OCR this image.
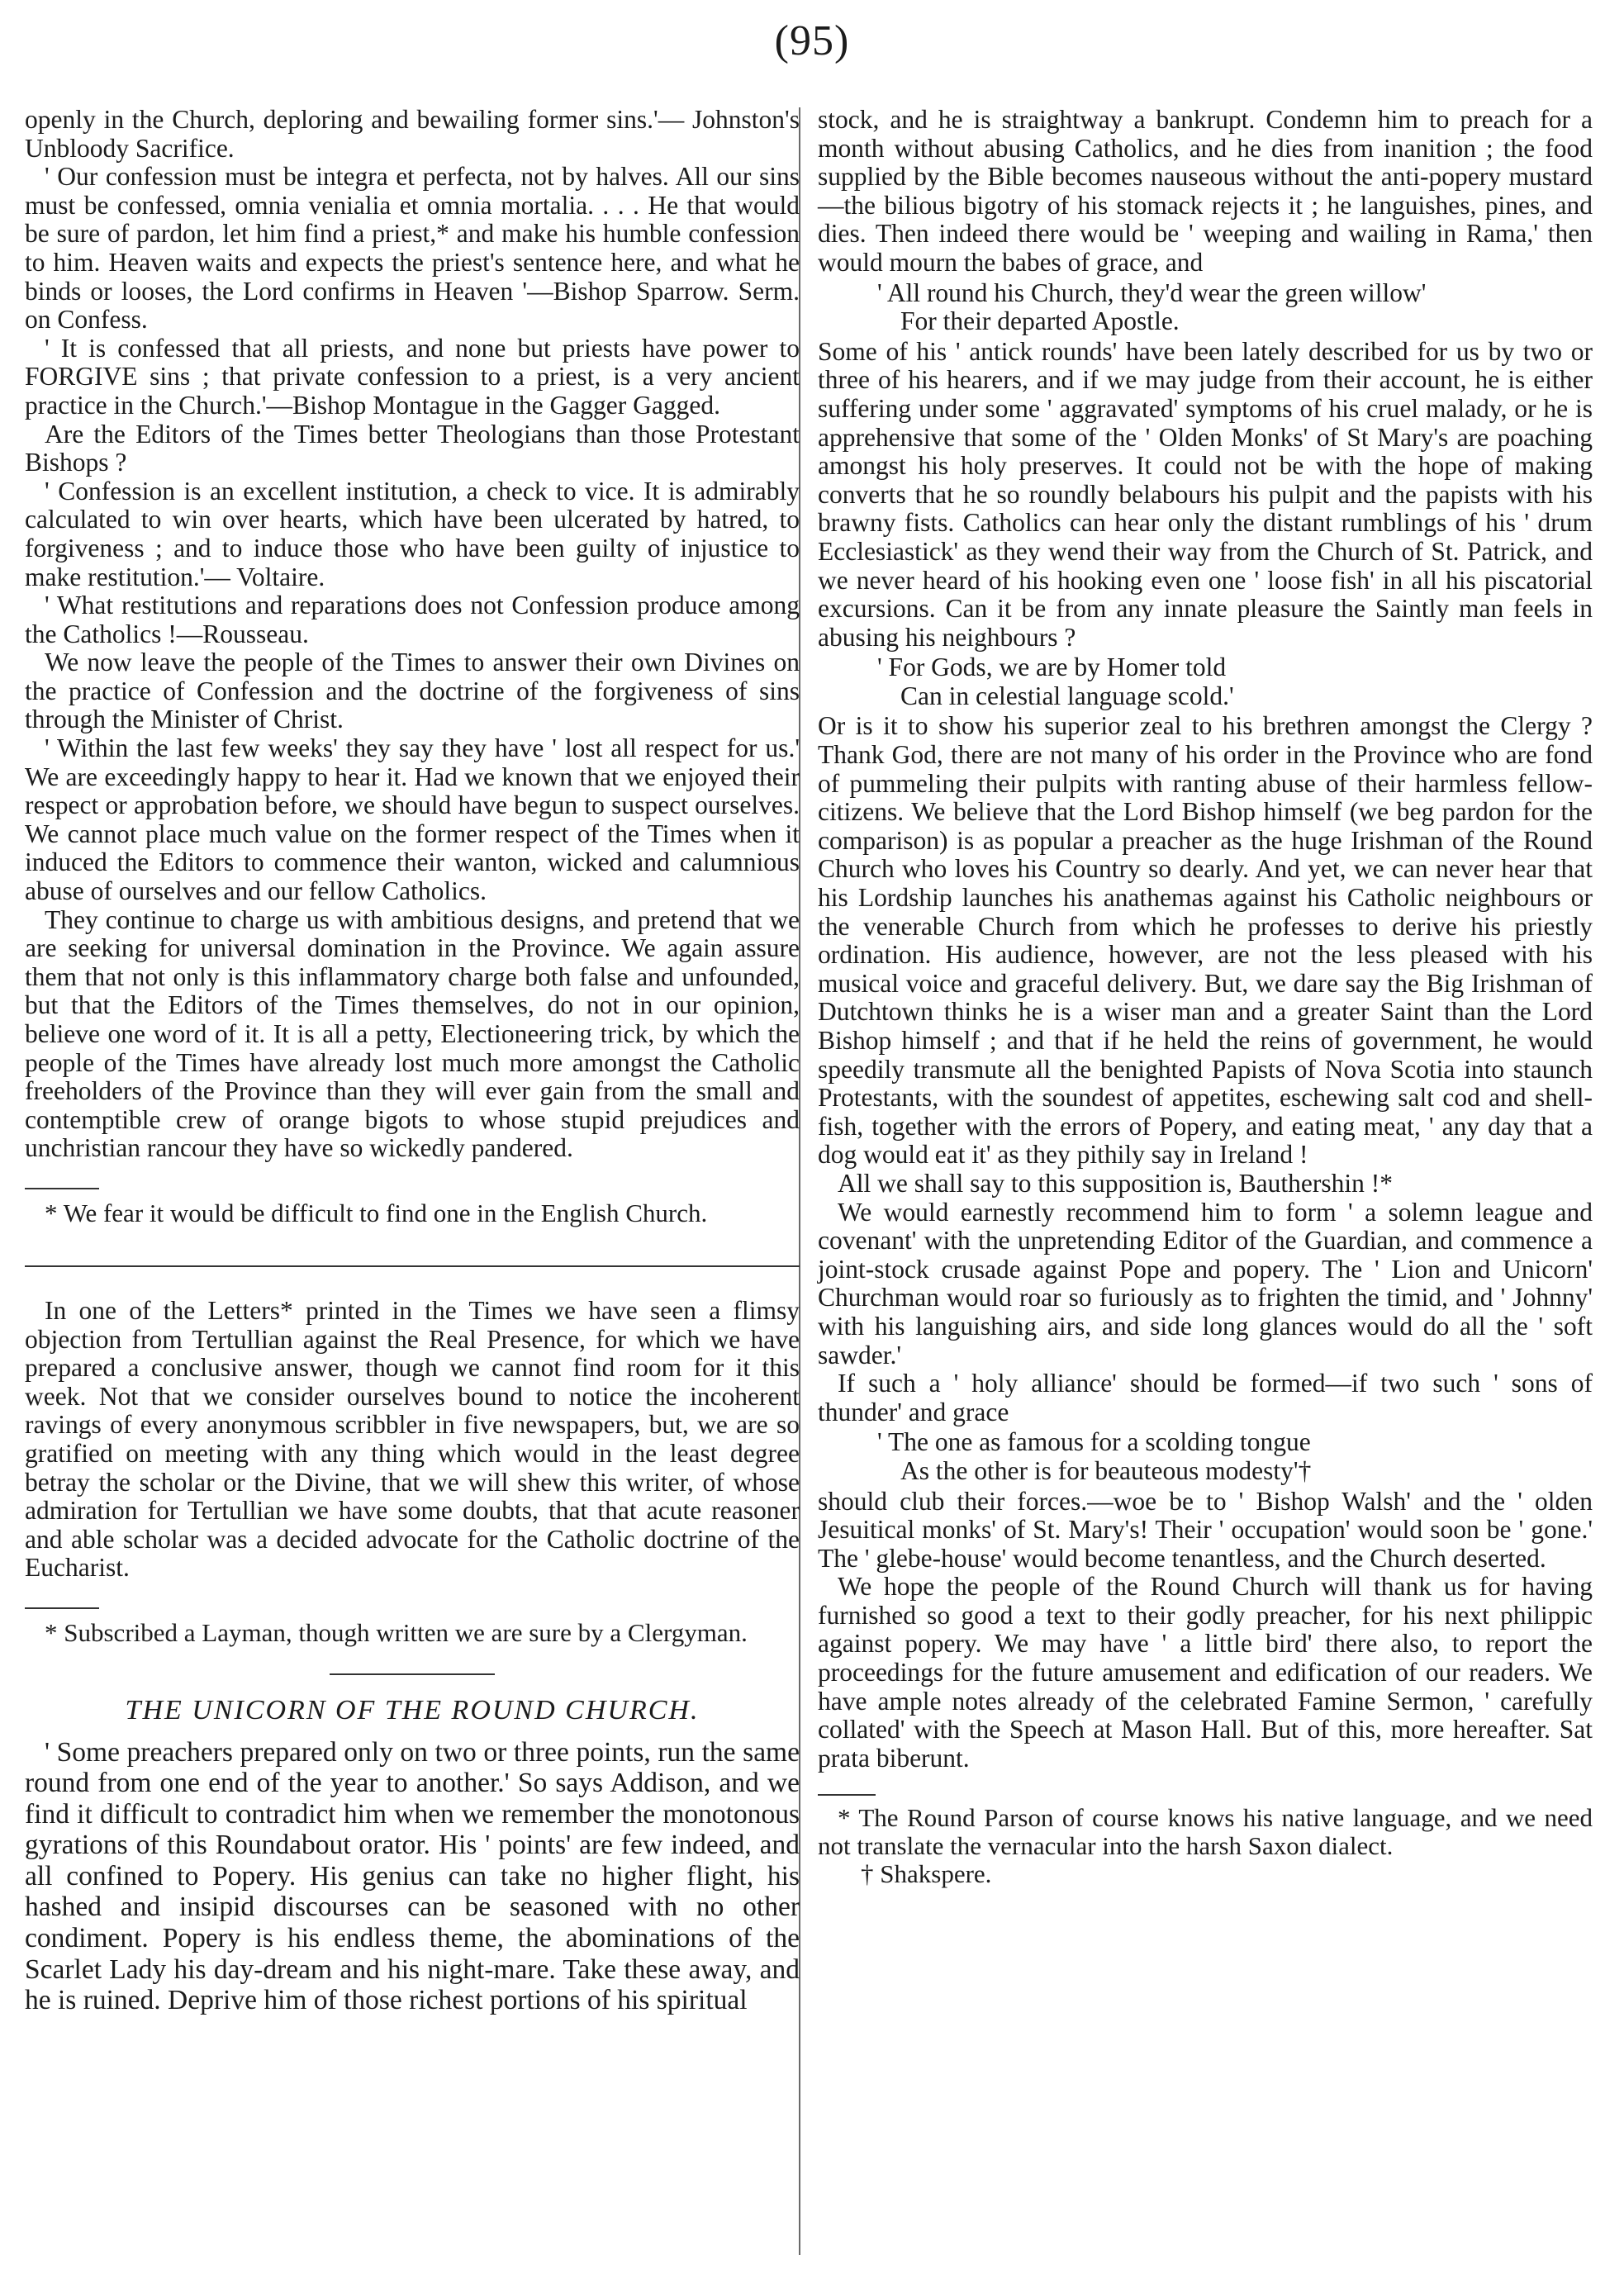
(95)

openly in the Church, deploring and bewailing former sins.'— Johnston's Unbloody Sacrifice.

' Our confession must be integra et perfecta, not by halves. All our sins must be confessed, omnia venialia et omnia mortalia. . . . He that would be sure of pardon, let him find a priest,* and make his humble confession to him. Heaven waits and expects the priest's sentence here, and what he binds or looses, the Lord confirms in Heaven '—Bishop Sparrow. Serm. on Confess.

' It is confessed that all priests, and none but priests have power to FORGIVE sins ; that private confession to a priest, is a very ancient practice in the Church.'—Bishop Montague in the Gagger Gagged.

Are the Editors of the Times better Theologians than those Protestant Bishops ?

' Confession is an excellent institution, a check to vice. It is admirably calculated to win over hearts, which have been ulcerated by hatred, to forgiveness ; and to induce those who have been guilty of injustice to make restitution.'— Voltaire.

' What restitutions and reparations does not Confession produce among the Catholics !—Rousseau.

We now leave the people of the Times to answer their own Divines on the practice of Confession and the doctrine of the forgiveness of sins through the Minister of Christ.

' Within the last few weeks' they say they have ' lost all respect for us.' We are exceedingly happy to hear it. Had we known that we enjoyed their respect or approbation before, we should have begun to suspect ourselves. We cannot place much value on the former respect of the Times when it induced the Editors to commence their wanton, wicked and calumnious abuse of ourselves and our fellow Catholics.

They continue to charge us with ambitious designs, and pretend that we are seeking for universal domination in the Province. We again assure them that not only is this inflammatory charge both false and unfounded, but that the Editors of the Times themselves, do not in our opinion, believe one word of it. It is all a petty, Electioneering trick, by which the people of the Times have already lost much more amongst the Catholic freeholders of the Province than they will ever gain from the small and contemptible crew of orange bigots to whose stupid prejudices and unchristian rancour they have so wickedly pandered.

* We fear it would be difficult to find one in the English Church.

In one of the Letters* printed in the Times we have seen a flimsy objection from Tertullian against the Real Presence, for which we have prepared a conclusive answer, though we cannot find room for it this week. Not that we consider ourselves bound to notice the incoherent ravings of every anonymous scribbler in five newspapers, but, we are so gratified on meeting with any thing which would in the least degree betray the scholar or the Divine, that we will shew this writer, of whose admiration for Tertullian we have some doubts, that that acute reasoner and able scholar was a decided advocate for the Catholic doctrine of the Eucharist.

* Subscribed a Layman, though written we are sure by a Clergyman.

THE UNICORN OF THE ROUND CHURCH.

' Some preachers prepared only on two or three points, run the same round from one end of the year to another.' So says Addison, and we find it difficult to contradict him when we remember the monotonous gyrations of this Roundabout orator. His ' points' are few indeed, and all confined to Popery. His genius can take no higher flight, his hashed and insipid discourses can be seasoned with no other condiment. Popery is his endless theme, the abominations of the Scarlet Lady his day-dream and his night-mare. Take these away, and he is ruined. Deprive him of those richest portions of his spiritual

stock, and he is straightway a bankrupt. Condemn him to preach for a month without abusing Catholics, and he dies from inanition ; the food supplied by the Bible becomes nauseous without the anti-popery mustard—the bilious bigotry of his stomack rejects it ; he languishes, pines, and dies. Then indeed there would be ' weeping and wailing in Rama,' then would mourn the babes of grace, and

' All round his Church, they'd wear the green willow'
For their departed Apostle.

Some of his ' antick rounds' have been lately described for us by two or three of his hearers, and if we may judge from their account, he is either suffering under some ' aggravated' symptoms of his cruel malady, or he is apprehensive that some of the ' Olden Monks' of St Mary's are poaching amongst his holy preserves. It could not be with the hope of making converts that he so roundly belabours his pulpit and the papists with his brawny fists. Catholics can hear only the distant rumblings of his ' drum Ecclesiastick' as they wend their way from the Church of St. Patrick, and we never heard of his hooking even one ' loose fish' in all his piscatorial excursions. Can it be from any innate pleasure the Saintly man feels in abusing his neighbours ?

' For Gods, we are by Homer told
Can in celestial language scold.'

Or is it to show his superior zeal to his brethren amongst the Clergy ? Thank God, there are not many of his order in the Province who are fond of pummeling their pulpits with ranting abuse of their harmless fellow-citizens. We believe that the Lord Bishop himself (we beg pardon for the comparison) is as popular a preacher as the huge Irishman of the Round Church who loves his Country so dearly. And yet, we can never hear that his Lordship launches his anathemas against his Catholic neighbours or the venerable Church from which he professes to derive his priestly ordination. His audience, however, are not the less pleased with his musical voice and graceful delivery. But, we dare say the Big Irishman of Dutchtown thinks he is a wiser man and a greater Saint than the Lord Bishop himself ; and that if he held the reins of government, he would speedily transmute all the benighted Papists of Nova Scotia into staunch Protestants, with the soundest of appetites, eschewing salt cod and shell-fish, together with the errors of Popery, and eating meat, ' any day that a dog would eat it' as they pithily say in Ireland !

All we shall say to this supposition is, Bauthershin !*

We would earnestly recommend him to form ' a solemn league and covenant' with the unpretending Editor of the Guardian, and commence a joint-stock crusade against Pope and popery. The ' Lion and Unicorn' Churchman would roar so furiously as to frighten the timid, and ' Johnny' with his languishing airs, and side long glances would do all the ' soft sawder.'

If such a ' holy alliance' should be formed—if two such ' sons of thunder' and grace

' The one as famous for a scolding tongue
As the other is for beauteous modesty'†

should club their forces.—woe be to ' Bishop Walsh' and the ' olden Jesuitical monks' of St. Mary's! Their ' occupation' would soon be ' gone.' The ' glebe-house' would become tenantless, and the Church deserted.

We hope the people of the Round Church will thank us for having furnished so good a text to their godly preacher, for his next philippic against popery. We may have ' a little bird' there also, to report the proceedings for the future amusement and edification of our readers. We have ample notes already of the celebrated Famine Sermon, ' carefully collated' with the Speech at Mason Hall. But of this, more hereafter. Sat prata biberunt.

* The Round Parson of course knows his native language, and we need not translate the vernacular into the harsh Saxon dialect.

† Shakspere.
